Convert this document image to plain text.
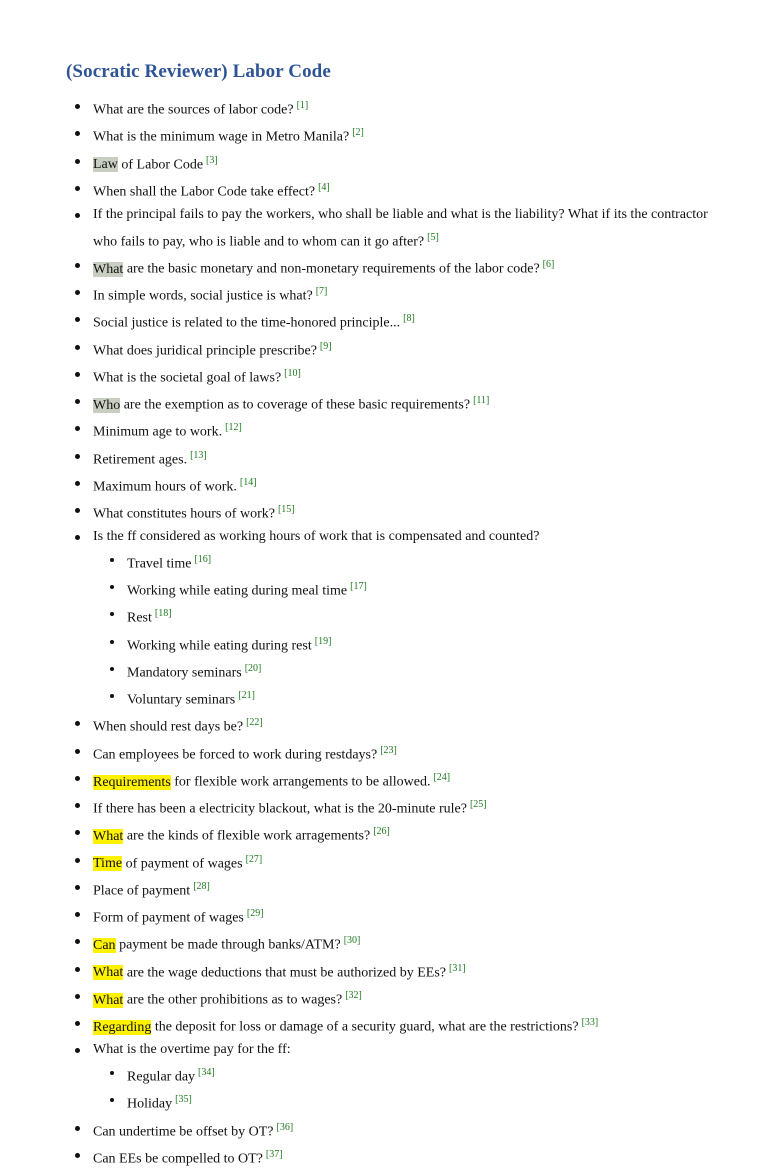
(Socratic Reviewer) Labor Code
What are the sources of labor code? [1]
What is the minimum wage in Metro Manila? [2]
Law of Labor Code [3]
When shall the Labor Code take effect? [4]
If the principal fails to pay the workers, who shall be liable and what is the liability? What if its the contractor who fails to pay, who is liable and to whom can it go after? [5]
What are the basic monetary and non-monetary requirements of the labor code? [6]
In simple words, social justice is what? [7]
Social justice is related to the time-honored principle... [8]
What does juridical principle prescribe? [9]
What is the societal goal of laws? [10]
Who are the exemption as to coverage of these basic requirements? [11]
Minimum age to work. [12]
Retirement ages. [13]
Maximum hours of work. [14]
What constitutes hours of work? [15]
Is the ff considered as working hours of work that is compensated and counted?
Travel time [16]
Working while eating during meal time [17]
Rest [18]
Working while eating during rest [19]
Mandatory seminars [20]
Voluntary seminars [21]
When should rest days be? [22]
Can employees be forced to work during restdays? [23]
Requirements for flexible work arrangements to be allowed. [24]
If there has been a electricity blackout, what is the 20-minute rule? [25]
What are the kinds of flexible work arragements? [26]
Time of payment of wages [27]
Place of payment [28]
Form of payment of wages [29]
Can payment be made through banks/ATM? [30]
What are the wage deductions that must be authorized by EEs? [31]
What are the other prohibitions as to wages? [32]
Regarding the deposit for loss or damage of a security guard, what are the restrictions? [33]
What is the overtime pay for the ff:
Regular day [34]
Holiday [35]
Can undertime be offset by OT? [36]
Can EEs be compelled to OT? [37]
